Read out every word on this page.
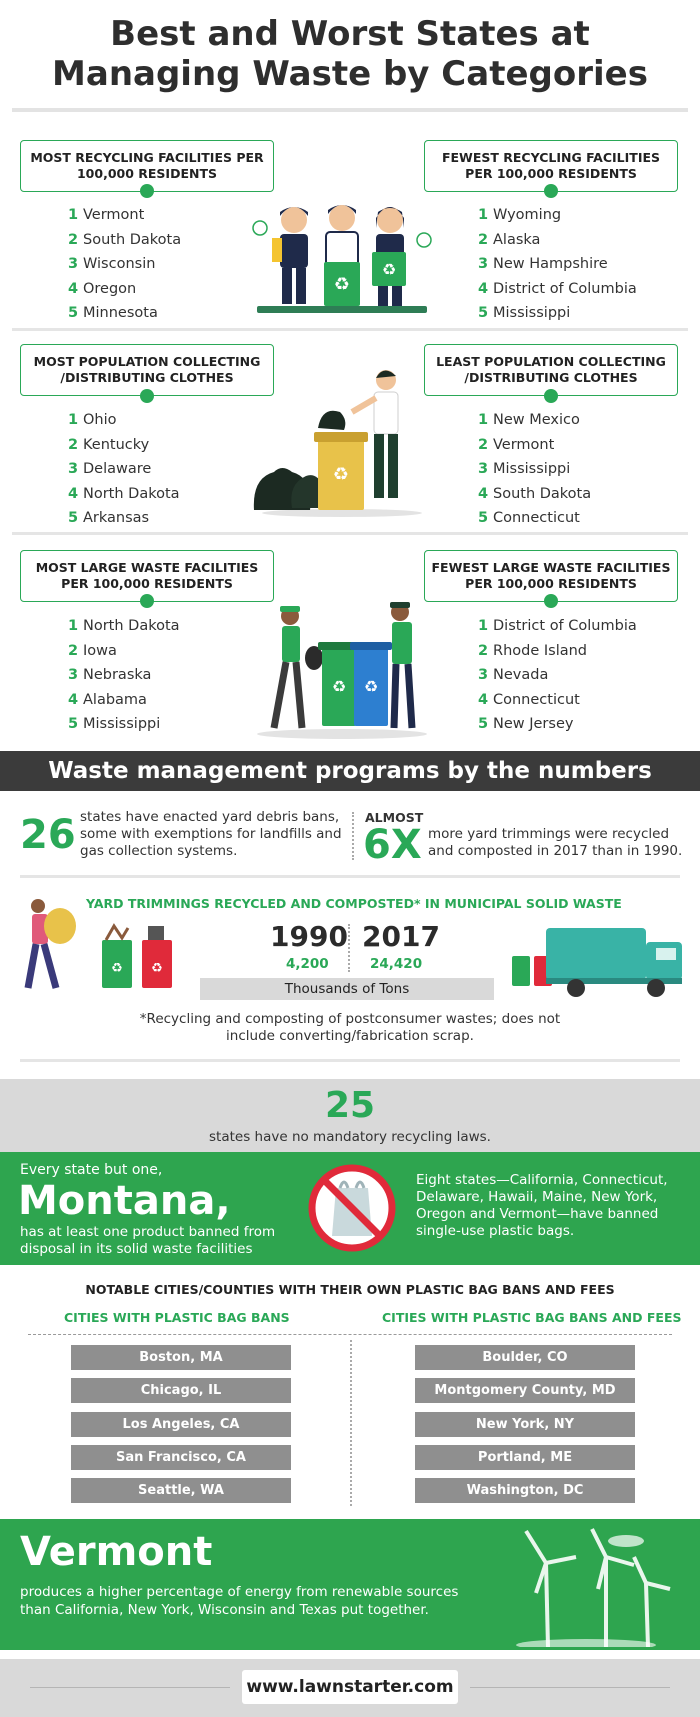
Best and Worst States at
Managing Waste by Categories
MOST RECYCLING FACILITIES PER 100,000 RESIDENTS
1 Vermont
2 South Dakota
3 Wisconsin
4 Oregon
5 Minnesota
FEWEST RECYCLING FACILITIES PER 100,000 RESIDENTS
1 Wyoming
2 Alaska
3 New Hampshire
4 District of Columbia
5 Mississippi
♻
♻
MOST POPULATION COLLECTING /DISTRIBUTING CLOTHES
1 Ohio
2 Kentucky
3 Delaware
4 North Dakota
5 Arkansas
LEAST POPULATION COLLECTING /DISTRIBUTING CLOTHES
1 New Mexico
2 Vermont
3 Mississippi
4 South Dakota
5 Connecticut
♻
MOST LARGE WASTE FACILITIES PER 100,000 RESIDENTS
1 North Dakota
2 Iowa
3 Nebraska
4 Alabama
5 Mississippi
FEWEST LARGE WASTE FACILITIES PER 100,000 RESIDENTS
1 District of Columbia
2 Rhode Island
3 Nevada
4 Connecticut
5 New Jersey
♻ ♻
Waste management programs by the numbers
26 states have enacted yard debris bans, some with exemptions for landfills and gas collection systems.
ALMOST
6X more yard trimmings were recycled and composted in 2017 than in 1990.
YARD TRIMMINGS RECYCLED AND COMPOSTED* IN MUNICIPAL SOLID WASTE
♻ ♻
1990
4,200
2017
24,420
Thousands of Tons
*Recycling and composting of postconsumer wastes; does not
include converting/fabrication scrap.
25
states have no mandatory recycling laws.
Every state but one,
Montana,
has at least one product banned from
disposal in its solid waste facilities
Eight states—California, Connecticut, Delaware, Hawaii, Maine, New York, Oregon and Vermont—have banned single-use plastic bags.
NOTABLE CITIES/COUNTIES WITH THEIR OWN PLASTIC BAG BANS AND FEES
CITIES WITH PLASTIC BAG BANS	CITIES WITH PLASTIC BAG BANS AND FEES
Boston, MA
Chicago, IL
Los Angeles, CA
San Francisco, CA
Seattle, WA
Boulder, CO
Montgomery County, MD
New York, NY
Portland, ME
Washington, DC
Vermont
produces a higher percentage of energy from renewable sources
than California, New York, Wisconsin and Texas put together.
www.lawnstarter.com
